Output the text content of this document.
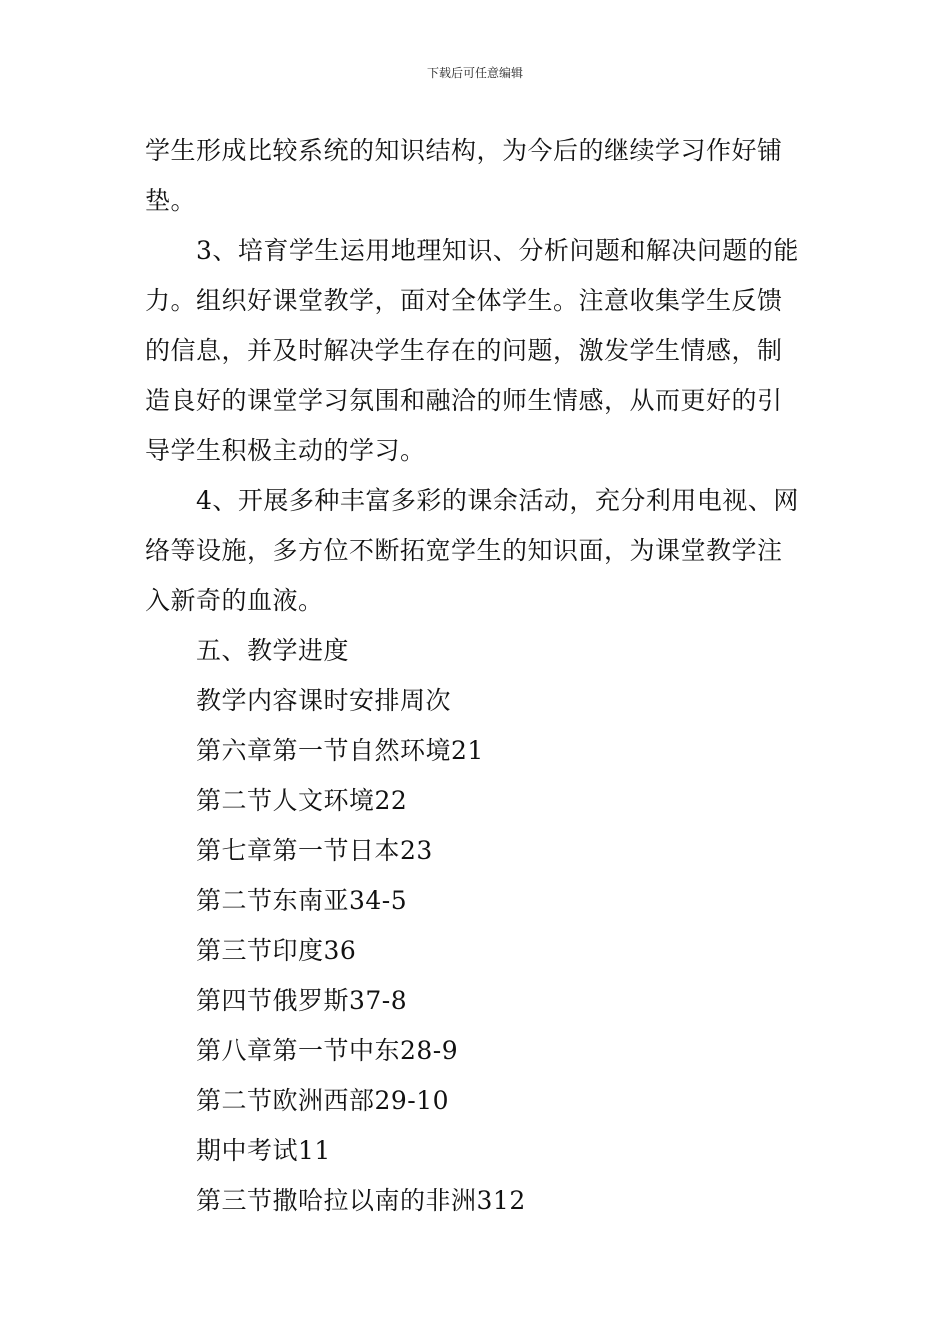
下载后可任意编辑
学生形成比较系统的知识结构，为今后的继续学习作好铺
垫。
3、培育学生运用地理知识、分析问题和解决问题的能
力。组织好课堂教学，面对全体学生。注意收集学生反馈
的信息，并及时解决学生存在的问题，激发学生情感，制
造良好的课堂学习氛围和融洽的师生情感，从而更好的引
导学生积极主动的学习。
4、开展多种丰富多彩的课余活动，充分利用电视、网
络等设施，多方位不断拓宽学生的知识面，为课堂教学注
入新奇的血液。
五、教学进度
教学内容课时安排周次
第六章第一节自然环境21
第二节人文环境22
第七章第一节日本23
第二节东南亚34-5
第三节印度36
第四节俄罗斯37-8
第八章第一节中东28-9
第二节欧洲西部29-10
期中考试11
第三节撒哈拉以南的非洲312
